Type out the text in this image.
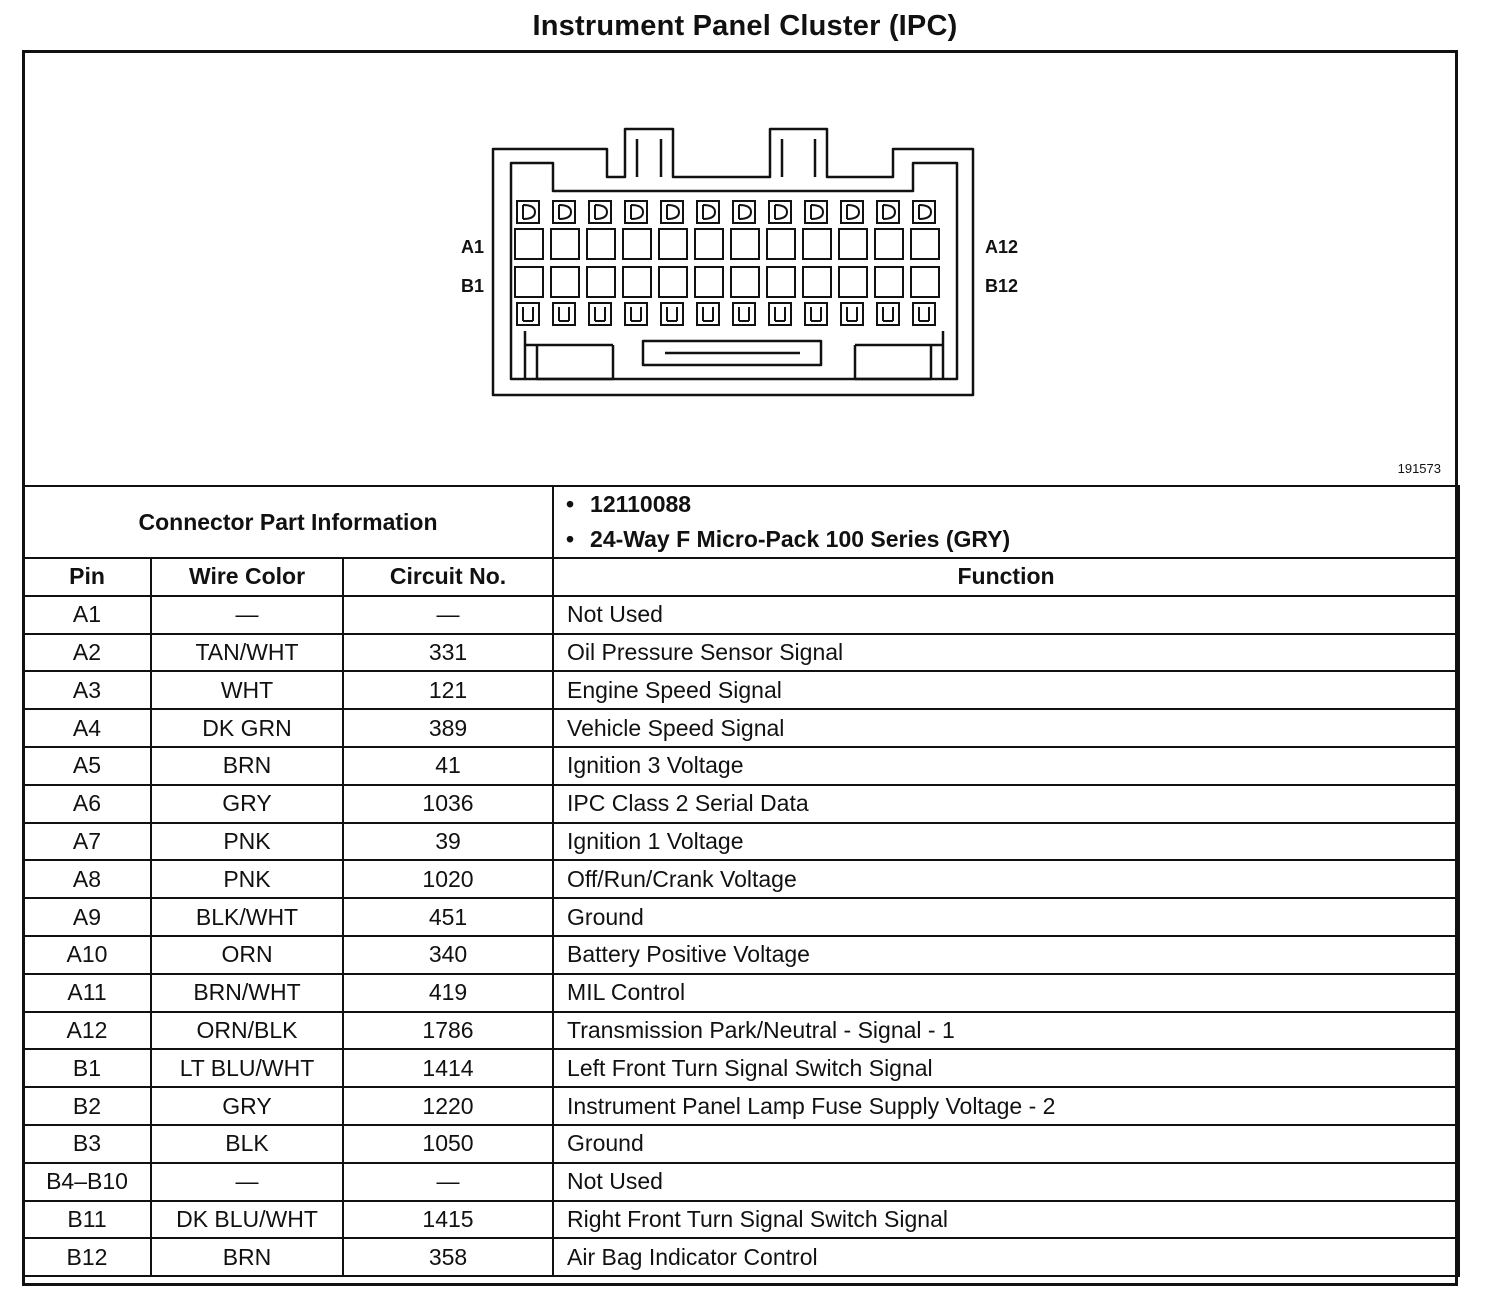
Instrument Panel Cluster (IPC)
A1	A12
B1	B12
191573
Connector Part Information			• 12110088
• 24-Way F Micro-Pack 100 Series (GRY)

Pin	Wire Color	Circuit No.	Function
A1	—	—	Not Used
A2	TAN/WHT	331	Oil Pressure Sensor Signal
A3	WHT	121	Engine Speed Signal
A4	DK GRN	389	Vehicle Speed Signal
A5	BRN	41	Ignition 3 Voltage
A6	GRY	1036	IPC Class 2 Serial Data
A7	PNK	39	Ignition 1 Voltage
A8	PNK	1020	Off/Run/Crank Voltage
A9	BLK/WHT	451	Ground
A10	ORN	340	Battery Positive Voltage
A11	BRN/WHT	419	MIL Control
A12	ORN/BLK	1786	Transmission Park/Neutral - Signal - 1
B1	LT BLU/WHT	1414	Left Front Turn Signal Switch Signal
B2	GRY	1220	Instrument Panel Lamp Fuse Supply Voltage - 2
B3	BLK	1050	Ground
B4–B10	—	—	Not Used
B11	DK BLU/WHT	1415	Right Front Turn Signal Switch Signal
B12	BRN	358	Air Bag Indicator Control
